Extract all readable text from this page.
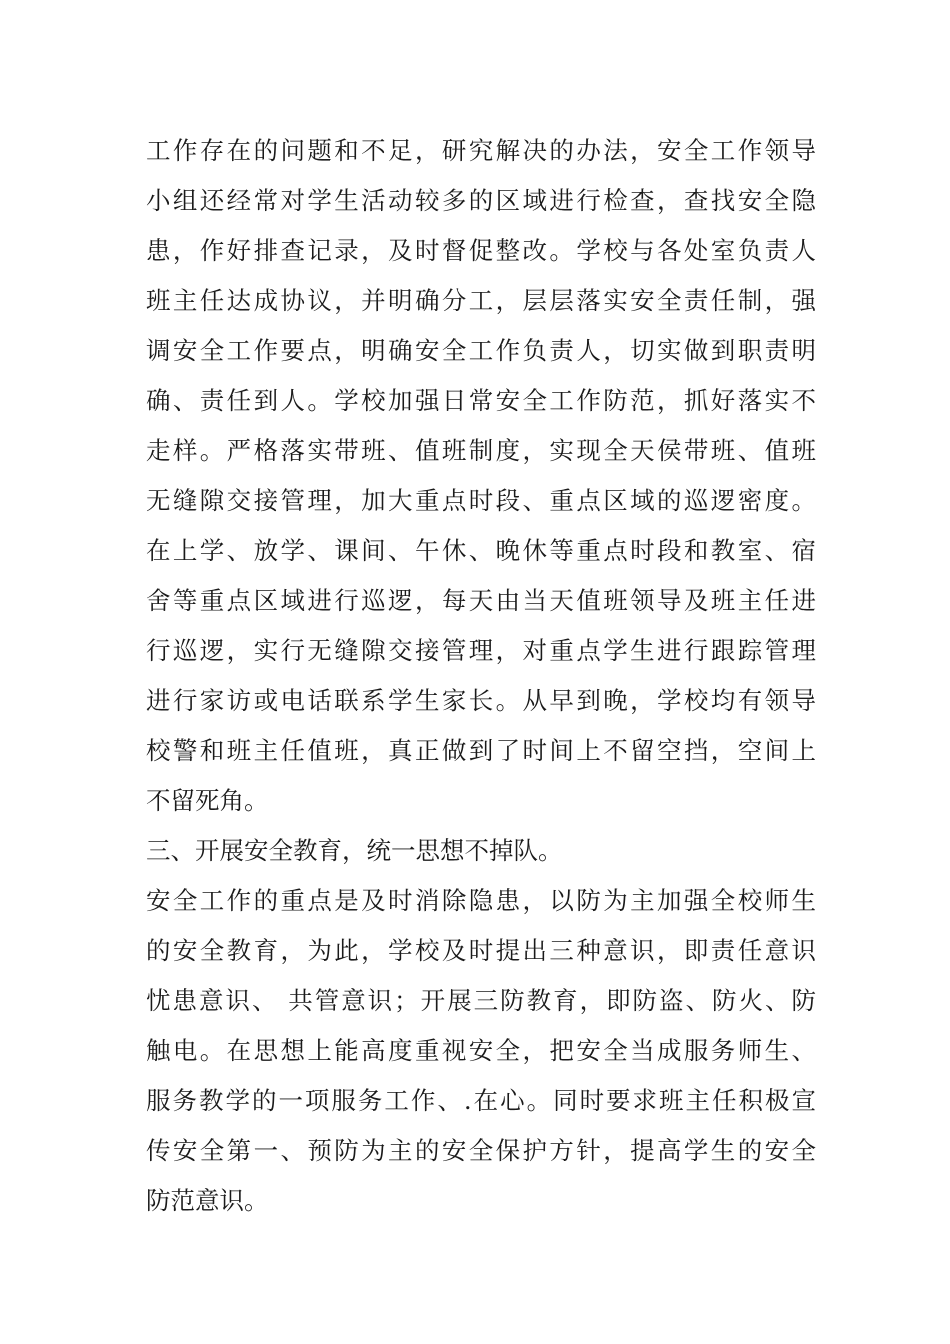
工作存在的问题和不足，研究解决的办法，安全工作领导
小组还经常对学生活动较多的区域进行检查，查找安全隐
患，作好排查记录，及时督促整改。学校与各处室负责人
班主任达成协议，并明确分工，层层落实安全责任制，强
调安全工作要点，明确安全工作负责人，切实做到职责明
确、责任到人。学校加强日常安全工作防范，抓好落实不
走样。严格落实带班、值班制度，实现全天侯带班、值班
无缝隙交接管理，加大重点时段、重点区域的巡逻密度。
在上学、放学、课间、午休、晚休等重点时段和教室、宿
舍等重点区域进行巡逻，每天由当天值班领导及班主任进
行巡逻，实行无缝隙交接管理，对重点学生进行跟踪管理
进行家访或电话联系学生家长。从早到晚，学校均有领导
校警和班主任值班，真正做到了时间上不留空挡，空间上
不留死角。
三、开展安全教育，统一思想不掉队。
安全工作的重点是及时消除隐患，以防为主加强全校师生
的安全教育，为此，学校及时提出三种意识，即责任意识
忧患意识、 共管意识；开展三防教育，即防盗、防火、防
触电。在思想上能高度重视安全，把安全当成服务师生、
服务教学的一项服务工作、.在心。同时要求班主任积极宣
传安全第一、预防为主的安全保护方针，提高学生的安全
防范意识。
